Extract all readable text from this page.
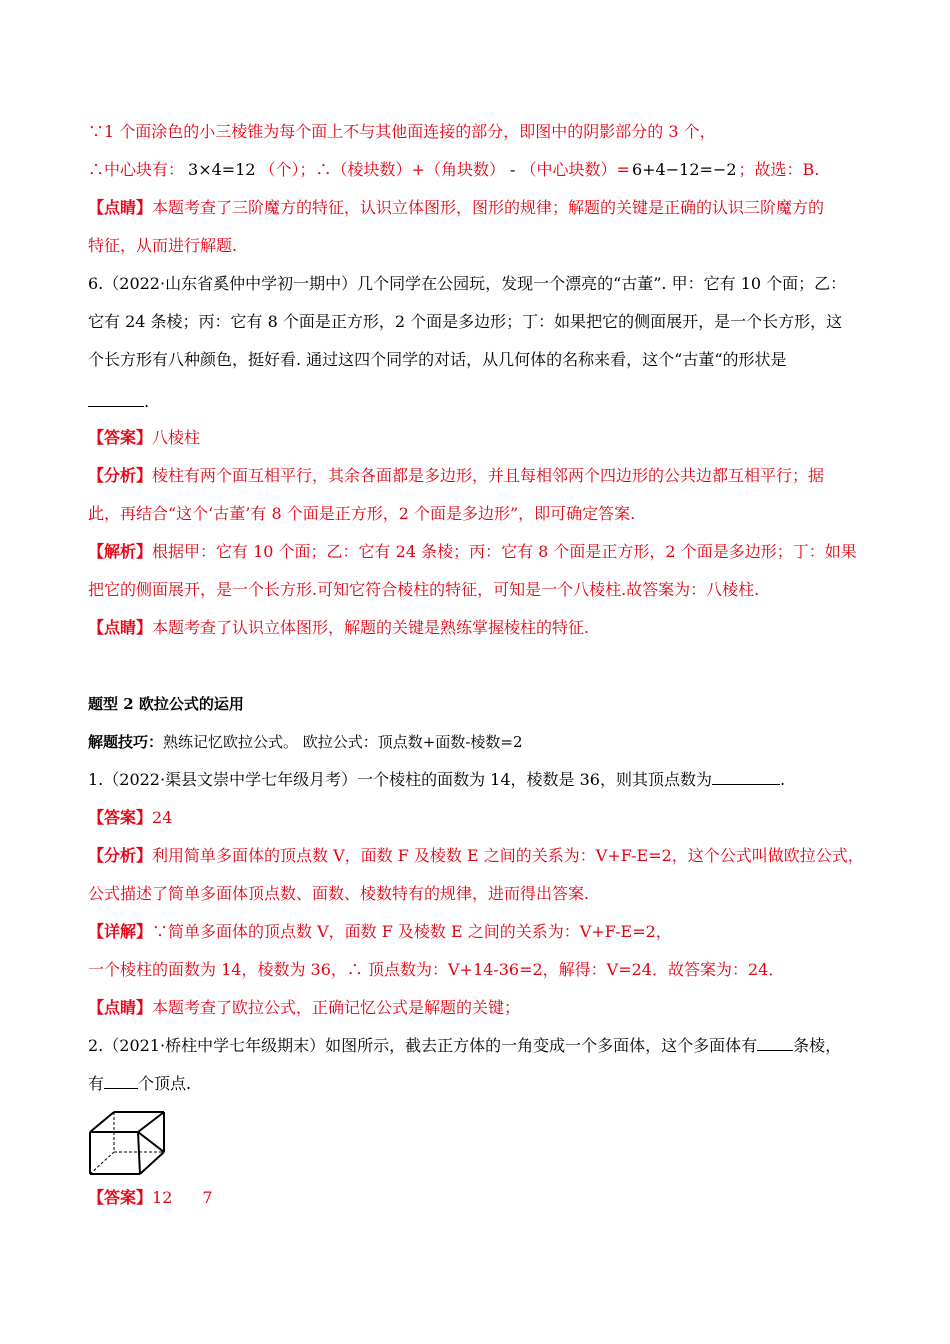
∵1 个面涂色的小三棱锥为每个面上不与其他面连接的部分，即图中的阴影部分的 3 个，
∴中心块有： 3×4=12 （个）；∴（棱块数）+（角块数） - （中心块数）= 6+4−12=−2 ；故选：B.
【点睛】本题考查了三阶魔方的特征，认识立体图形，图形的规律；解题的关键是正确的认识三阶魔方的
特征，从而进行解题.
6.（2022·山东省奚仲中学初一期中）几个同学在公园玩，发现一个漂亮的“古董”. 甲：它有 10 个面；乙：
它有 24 条棱；丙：它有 8 个面是正方形，2 个面是多边形；丁：如果把它的侧面展开，是一个长方形，这
个长方形有八种颜色，挺好看. 通过这四个同学的对话，从几何体的名称来看，这个“古董“的形状是
.
【答案】八棱柱
【分析】棱柱有两个面互相平行，其余各面都是多边形，并且每相邻两个四边形的公共边都互相平行；据
此，再结合“这个‘古董’有 8 个面是正方形，2 个面是多边形”，即可确定答案.
【解析】根据甲：它有 10 个面；乙：它有 24 条棱；丙：它有 8 个面是正方形，2 个面是多边形；丁：如果
把它的侧面展开，是一个长方形.可知它符合棱柱的特征，可知是一个八棱柱.故答案为：八棱柱.
【点睛】本题考查了认识立体图形，解题的关键是熟练掌握棱柱的特征.
题型 2 欧拉公式的运用
解题技巧：熟练记忆欧拉公式。 欧拉公式：顶点数+面数-棱数=2
1.（2022·渠县文崇中学七年级月考）一个棱柱的面数为 14，棱数是 36，则其顶点数为	.
【答案】24
【分析】利用简单多面体的顶点数 V，面数 F 及棱数 E 之间的关系为：V+F-E=2，这个公式叫做欧拉公式，
公式描述了简单多面体顶点数、面数、棱数特有的规律，进而得出答案.
【详解】∵简单多面体的顶点数 V，面数 F 及棱数 E 之间的关系为：V+F-E=2，
一个棱柱的面数为 14，棱数为 36，∴ 顶点数为：V+14-36=2，解得：V=24．故答案为：24．
【点睛】本题考查了欧拉公式，正确记忆公式是解题的关键；
2.（2021·桥柱中学七年级期末）如图所示，截去正方体的一角变成一个多面体，这个多面体有 条棱，
有 个顶点.
【答案】12 7
